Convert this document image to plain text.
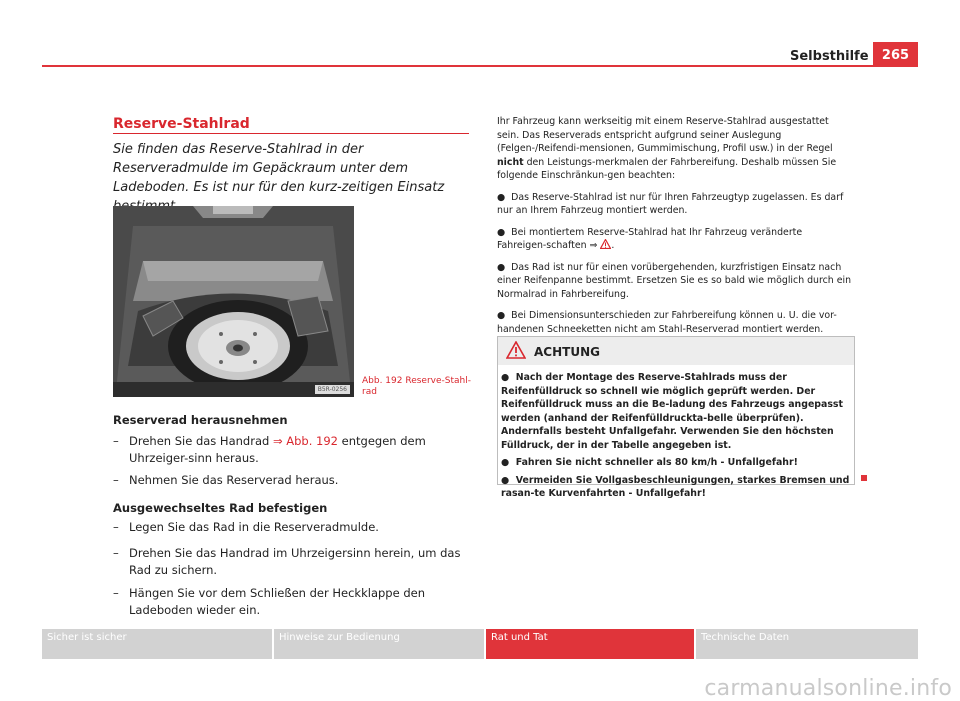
Selbsthilfe	265
Reserve-Stahlrad
Sie finden das Reserve-Stahlrad in der Reserveradmulde im Gepäckraum unter dem Ladeboden. Es ist nur für den kurz-zeitigen Einsatz
B5R-0256
Abb. 192 Reserve-Stahl-rad
Reserverad herausnehmen
– Drehen Sie das Handrad ⇒ Abb. 192 entgegen dem Uhrzeiger-sinn heraus.
– Nehmen Sie das Reserverad heraus.
Ausgewechseltes Rad befestigen
– Legen Sie das Rad in die Reserveradmulde.
– Drehen Sie das Handrad im Uhrzeigersinn herein, um das Rad zu sichern.
– Hängen Sie vor dem Schließen der Heckklappe den Ladeboden wieder ein.

Ihr Fahrzeug kann werkseitig mit einem Reserve-Stahlrad ausgestattet sein. Das Reserverads entspricht aufgrund seiner Auslegung (Felgen-/Reifendi-mensionen, Gummimischung, Profil usw.) in der Regel nicht den Leistungs-merkmalen der Fahrbereifung. Deshalb müssen Sie folgende Einschränkun-gen beachten:

● Das Reserve-Stahlrad ist nur für Ihren Fahrzeugtyp zugelassen. Es darf nur an Ihrem Fahrzeug montiert werden.

● Bei montiertem Reserve-Stahlrad hat Ihr Fahrzeug veränderte Fahreigen-schaften ⇒ .

● Das Rad ist nur für einen vorübergehenden, kurzfristigen Einsatz nach einer Reifenpanne bestimmt. Ersetzen Sie es so bald wie möglich durch ein Normalrad in Fahrbereifung.

● Bei Dimensionsunterschieden zur Fahrbereifung können u. U. die vor-handenen Schneeketten nicht am Stahl-Reserverad montiert werden.

ACHTUNG

● Nach der Montage des Reserve-Stahlrads muss der Reifenfülldruck so schnell wie möglich geprüft werden. Der Reifenfülldruck muss an die Be-ladung des Fahrzeugs angepasst werden (anhand der Reifenfülldruckta-belle überprüfen). Andernfalls besteht Unfallgefahr. Verwenden Sie den höchsten Fülldruck, der in der Tabelle angegeben ist.

● Fahren Sie nicht schneller als 80 km/h - Unfallgefahr!

● Vermeiden Sie Vollgasbeschleunigungen, starkes Bremsen und rasan-te Kurvenfahrten - Unfallgefahr!

Sicher ist sicher	Hinweise zur Bedienung	Rat und Tat	Technische Daten
carmanualsonline.info
